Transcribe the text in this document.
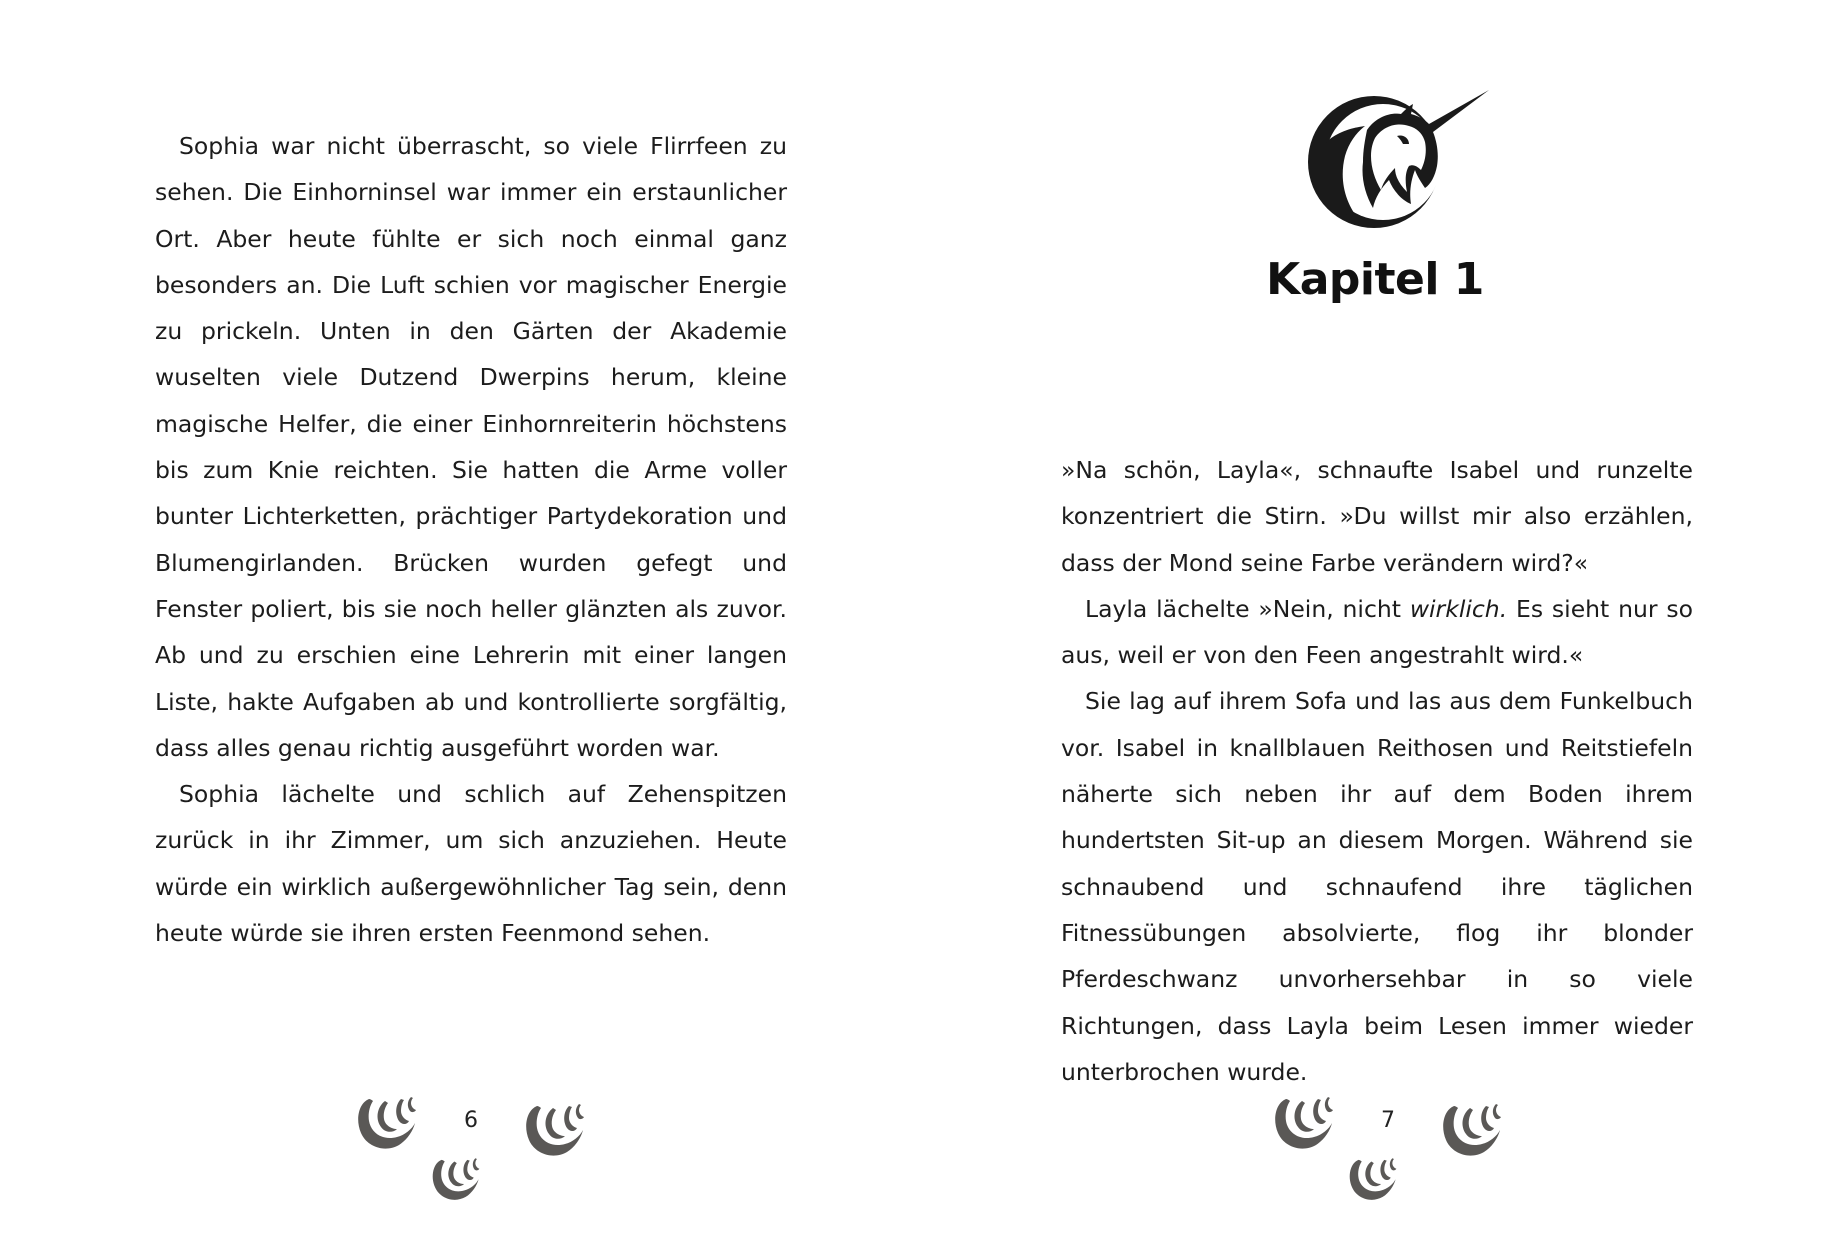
Sophia war nicht überrascht, so viele Flirrfeen zu sehen. Die Einhorninsel war immer ein erstaunlicher Ort. Aber heute fühlte er sich noch einmal ganz besonders an. Die Luft schien vor magischer Energie zu prickeln. Unten in den Gärten der Akademie wuselten viele Dutzend Dwerpins herum, kleine magische Helfer, die einer Einhornreiterin höchstens bis zum Knie reichten. Sie hatten die Arme voller bunter Lichterketten, prächtiger Partydekoration und Blumengirlanden. Brücken wurden gefegt und Fenster poliert, bis sie noch heller glänzten als zuvor. Ab und zu erschien eine Lehrerin mit einer langen Liste, hakte Aufgaben ab und kontrollierte sorgfältig, dass alles genau richtig ausgeführt worden war.

Sophia lächelte und schlich auf Zehenspitzen zurück in ihr Zimmer, um sich anzuziehen. Heute würde ein wirklich außergewöhnlicher Tag sein, denn heute würde sie ihren ersten Feenmond sehen.

6
Kapitel 1

»Na schön, Layla«, schnaufte Isabel und runzelte konzentriert die Stirn. »Du willst mir also erzählen, dass der Mond seine Farbe verändern wird?«

Layla lächelte »Nein, nicht wirklich. Es sieht nur so aus, weil er von den Feen angestrahlt wird.«

Sie lag auf ihrem Sofa und las aus dem Funkelbuch vor. Isabel in knallblauen Reithosen und Reitstiefeln näherte sich neben ihr auf dem Boden ihrem hundertsten Sit-up an diesem Morgen. Während sie schnaubend und schnaufend ihre täglichen Fitnessübungen absolvierte, flog ihr blonder Pferdeschwanz unvorhersehbar in so viele Richtungen, dass Layla beim Lesen immer wieder unterbrochen wurde.

7
